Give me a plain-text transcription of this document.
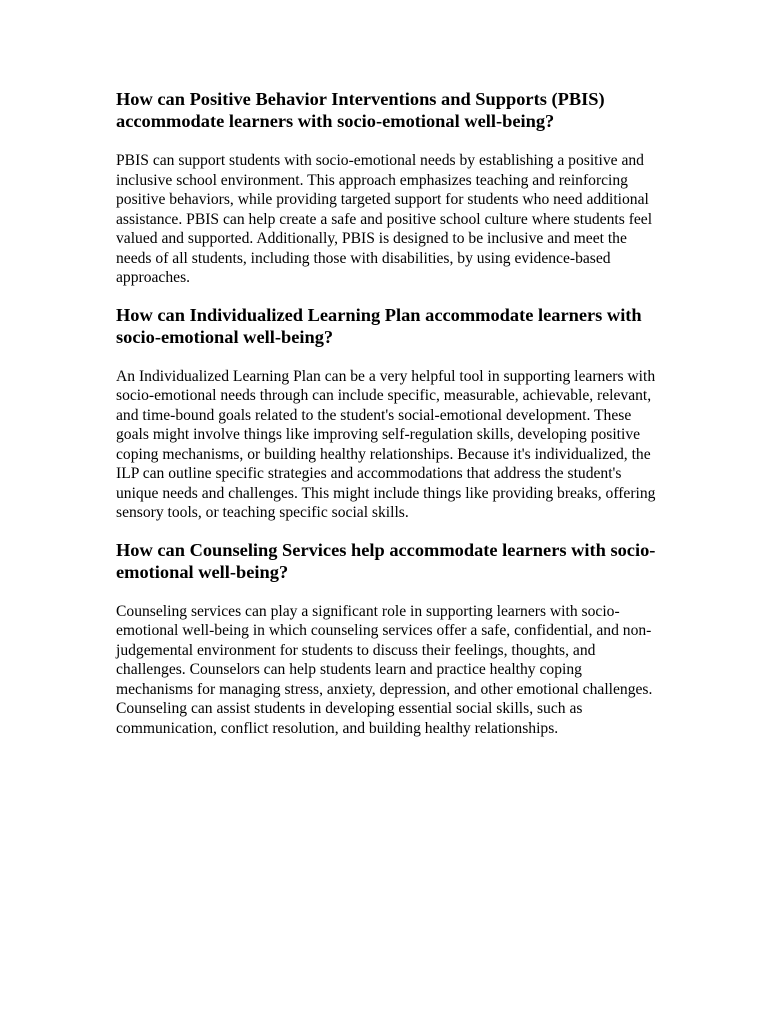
How can Positive Behavior Interventions and Supports (PBIS) accommodate learners with socio-emotional well-being?

PBIS can support students with socio-emotional needs by establishing a positive and inclusive school environment. This approach emphasizes teaching and reinforcing positive behaviors, while providing targeted support for students who need additional assistance. PBIS can help create a safe and positive school culture where students feel valued and supported. Additionally, PBIS is designed to be inclusive and meet the needs of all students, including those with disabilities, by using evidence-based approaches.

How can Individualized Learning Plan accommodate learners with socio-emotional well-being?

An Individualized Learning Plan can be a very helpful tool in supporting learners with socio-emotional needs through can include specific, measurable, achievable, relevant, and time-bound goals related to the student's social-emotional development. These goals might involve things like improving self-regulation skills, developing positive coping mechanisms, or building healthy relationships. Because it's individualized, the ILP can outline specific strategies and accommodations that address the student's unique needs and challenges. This might include things like providing breaks, offering sensory tools, or teaching specific social skills.

How can Counseling Services help accommodate learners with socio-emotional well-being?

Counseling services can play a significant role in supporting learners with socio-emotional well-being in which counseling services offer a safe, confidential, and non-judgemental environment for students to discuss their feelings, thoughts, and challenges. Counselors can help students learn and practice healthy coping mechanisms for managing stress, anxiety, depression, and other emotional challenges. Counseling can assist students in developing essential social skills, such as communication, conflict resolution, and building healthy relationships.
